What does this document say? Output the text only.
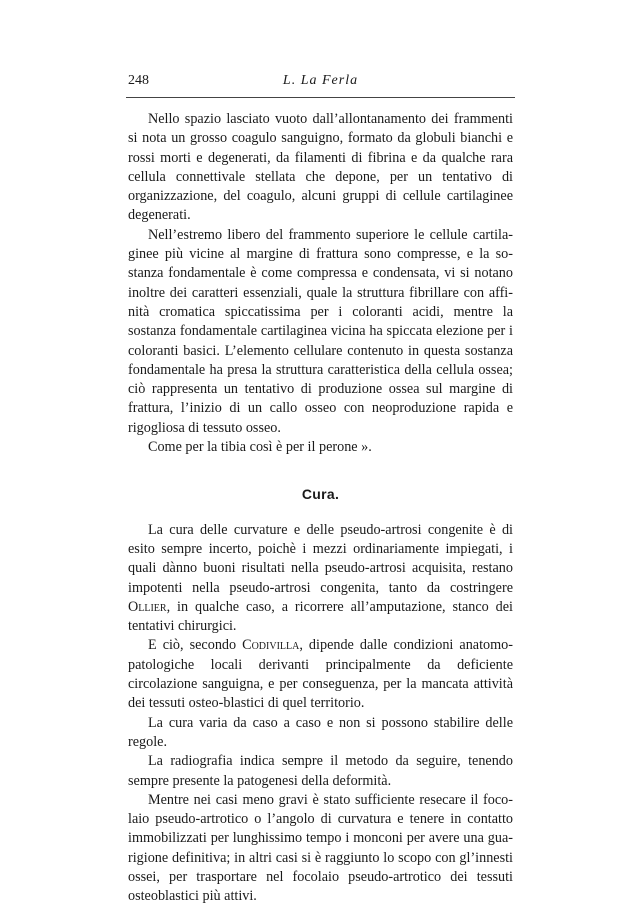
248	L. La Ferla

Nello spazio lasciato vuoto dall’allontanamento dei frammenti si nota un grosso coagulo sanguigno, formato da globuli bianchi e rossi morti e degenerati, da filamenti di fibrina e da qualche rara cellula connettivale stellata che depone, per un tentativo di organizzazione, del coagulo, alcuni gruppi di cellule cartilaginee degenerati.

Nell’estremo libero del frammento superiore le cellule cartilaginee più vicine al margine di frattura sono compresse, e la sostanza fondamentale è come compressa e condensata, vi si notano inoltre dei caratteri essenziali, quale la struttura fibrillare con affinità cromatica spiccatissima per i coloranti acidi, mentre la sostanza fondamentale cartilaginea vicina ha spiccata elezione per i coloranti basici. L’elemento cellulare contenuto in questa sostanza fondamentale ha presa la struttura caratteristica della cellula ossea; ciò rappresenta un tentativo di produzione ossea sul margine di frattura, l’inizio di un callo osseo con neoproduzione rapida e rigogliosa di tessuto osseo.

Come per la tibia così è per il perone ».

Cura.

La cura delle curvature e delle pseudo-artrosi congenite è di esito sempre incerto, poichè i mezzi ordinariamente impiegati, i quali dànno buoni risultati nella pseudo-artrosi acquisita, restano impotenti nella pseudo-artrosi congenita, tanto da costringere Ollier, in qualche caso, a ricorrere all’amputazione, stanco dei tentativi chirurgici.

E ciò, secondo Codivilla, dipende dalle condizioni anatomopatologiche locali derivanti principalmente da deficiente circolazione sanguigna, e per conseguenza, per la mancata attività dei tessuti osteo-blastici di quel territorio.

La cura varia da caso a caso e non si possono stabilire delle regole.

La radiografia indica sempre il metodo da seguire, tenendo sempre presente la patogenesi della deformità.

Mentre nei casi meno gravi è stato sufficiente resecare il focolaio pseudo-artrotico o l’angolo di curvatura e tenere in contatto immobilizzati per lunghissimo tempo i monconi per avere una guarigione definitiva; in altri casi si è raggiunto lo scopo con gl’innesti ossei, per trasportare nel focolaio pseudo-artrotico dei tessuti osteoblastici più attivi.
